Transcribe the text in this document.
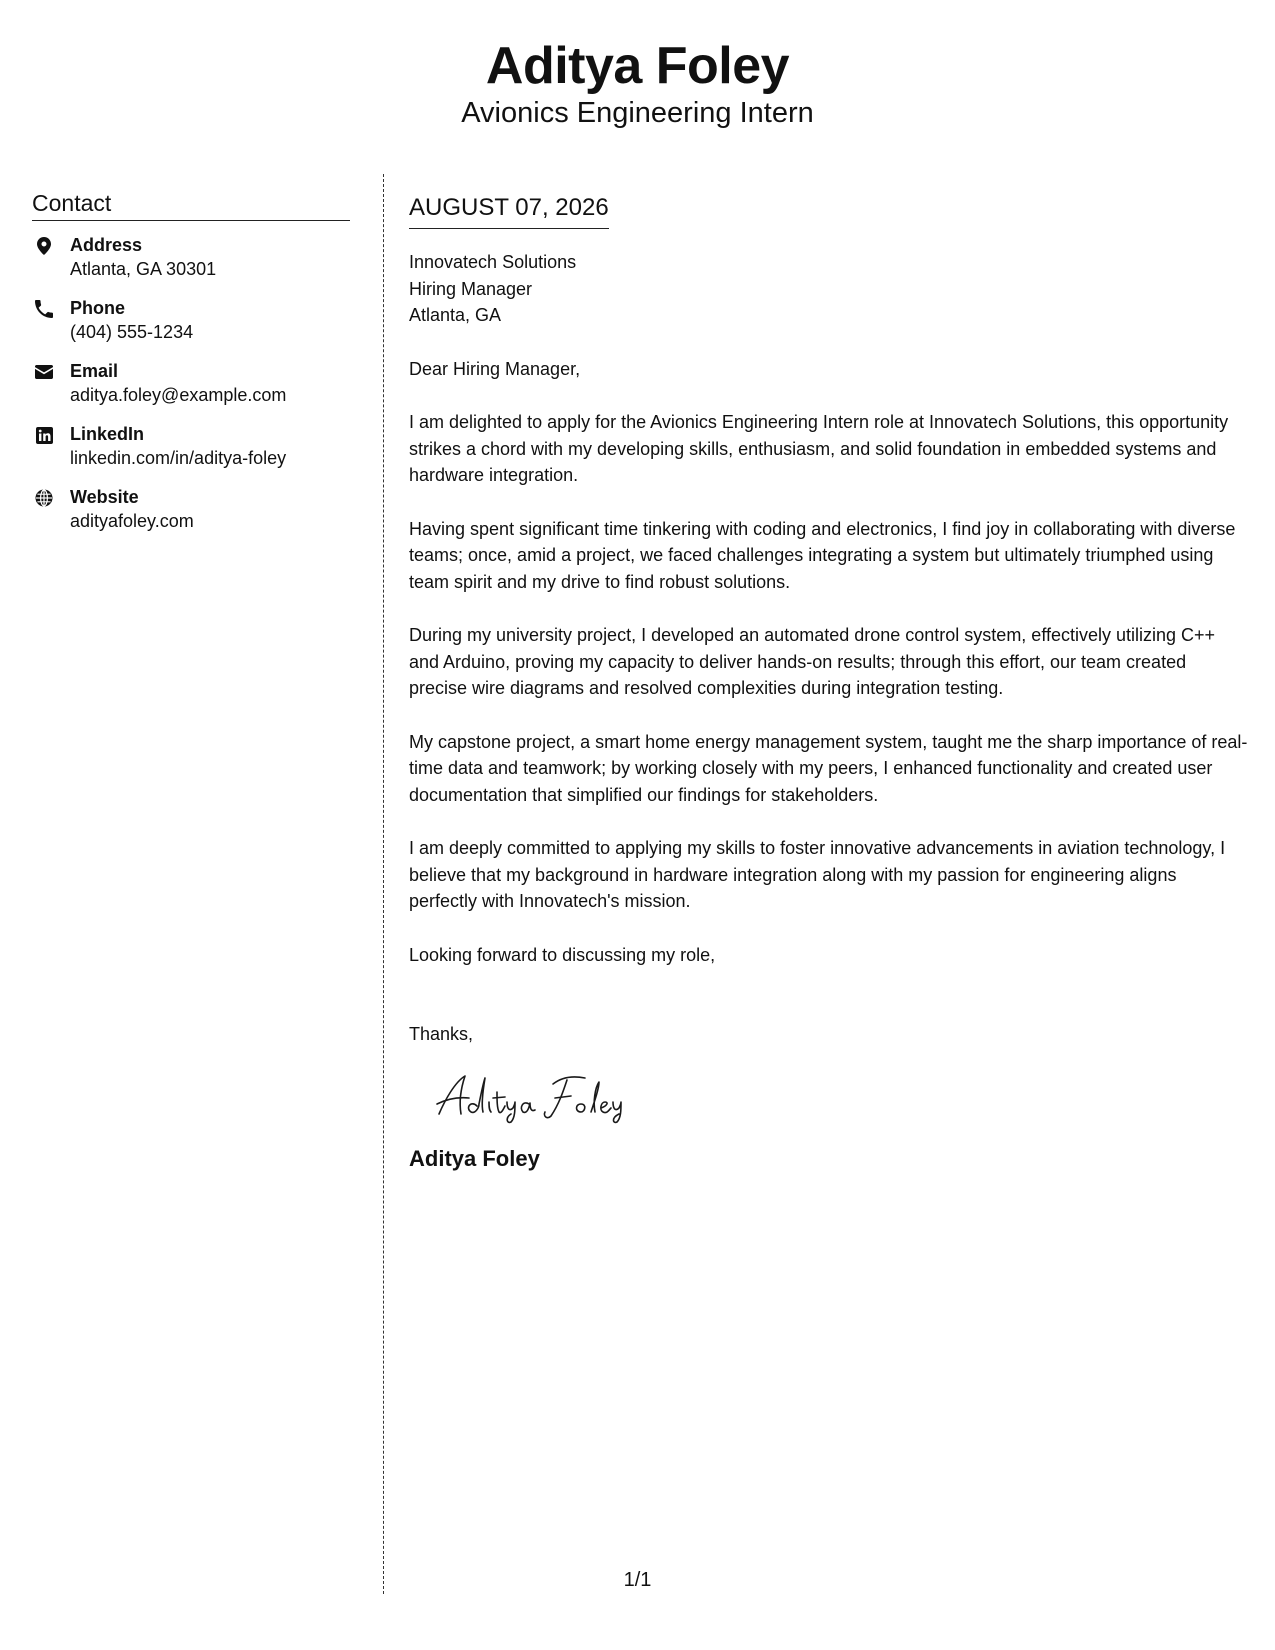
Aditya Foley
Avionics Engineering Intern
Contact
Address
Atlanta, GA 30301
Phone
(404) 555-1234
Email
aditya.foley@example.com
LinkedIn
linkedin.com/in/aditya-foley
Website
adityafoley.com
AUGUST 07, 2026
Innovatech Solutions
Hiring Manager
Atlanta, GA

Dear Hiring Manager,

I am delighted to apply for the Avionics Engineering Intern role at Innovatech Solutions, this opportunity strikes a chord with my developing skills, enthusiasm, and solid foundation in embedded systems and hardware integration.

Having spent significant time tinkering with coding and electronics, I find joy in collaborating with diverse teams; once, amid a project, we faced challenges integrating a system but ultimately triumphed using team spirit and my drive to find robust solutions.

During my university project, I developed an automated drone control system, effectively utilizing C++ and Arduino, proving my capacity to deliver hands-on results; through this effort, our team created precise wire diagrams and resolved complexities during integration testing.

My capstone project, a smart home energy management system, taught me the sharp importance of real-time data and teamwork; by working closely with my peers, I enhanced functionality and created user documentation that simplified our findings for stakeholders.

I am deeply committed to applying my skills to foster innovative advancements in aviation technology, I believe that my background in hardware integration along with my passion for engineering aligns perfectly with Innovatech's mission.

Looking forward to discussing my role,

Thanks,

Aditya Foley
1/1
